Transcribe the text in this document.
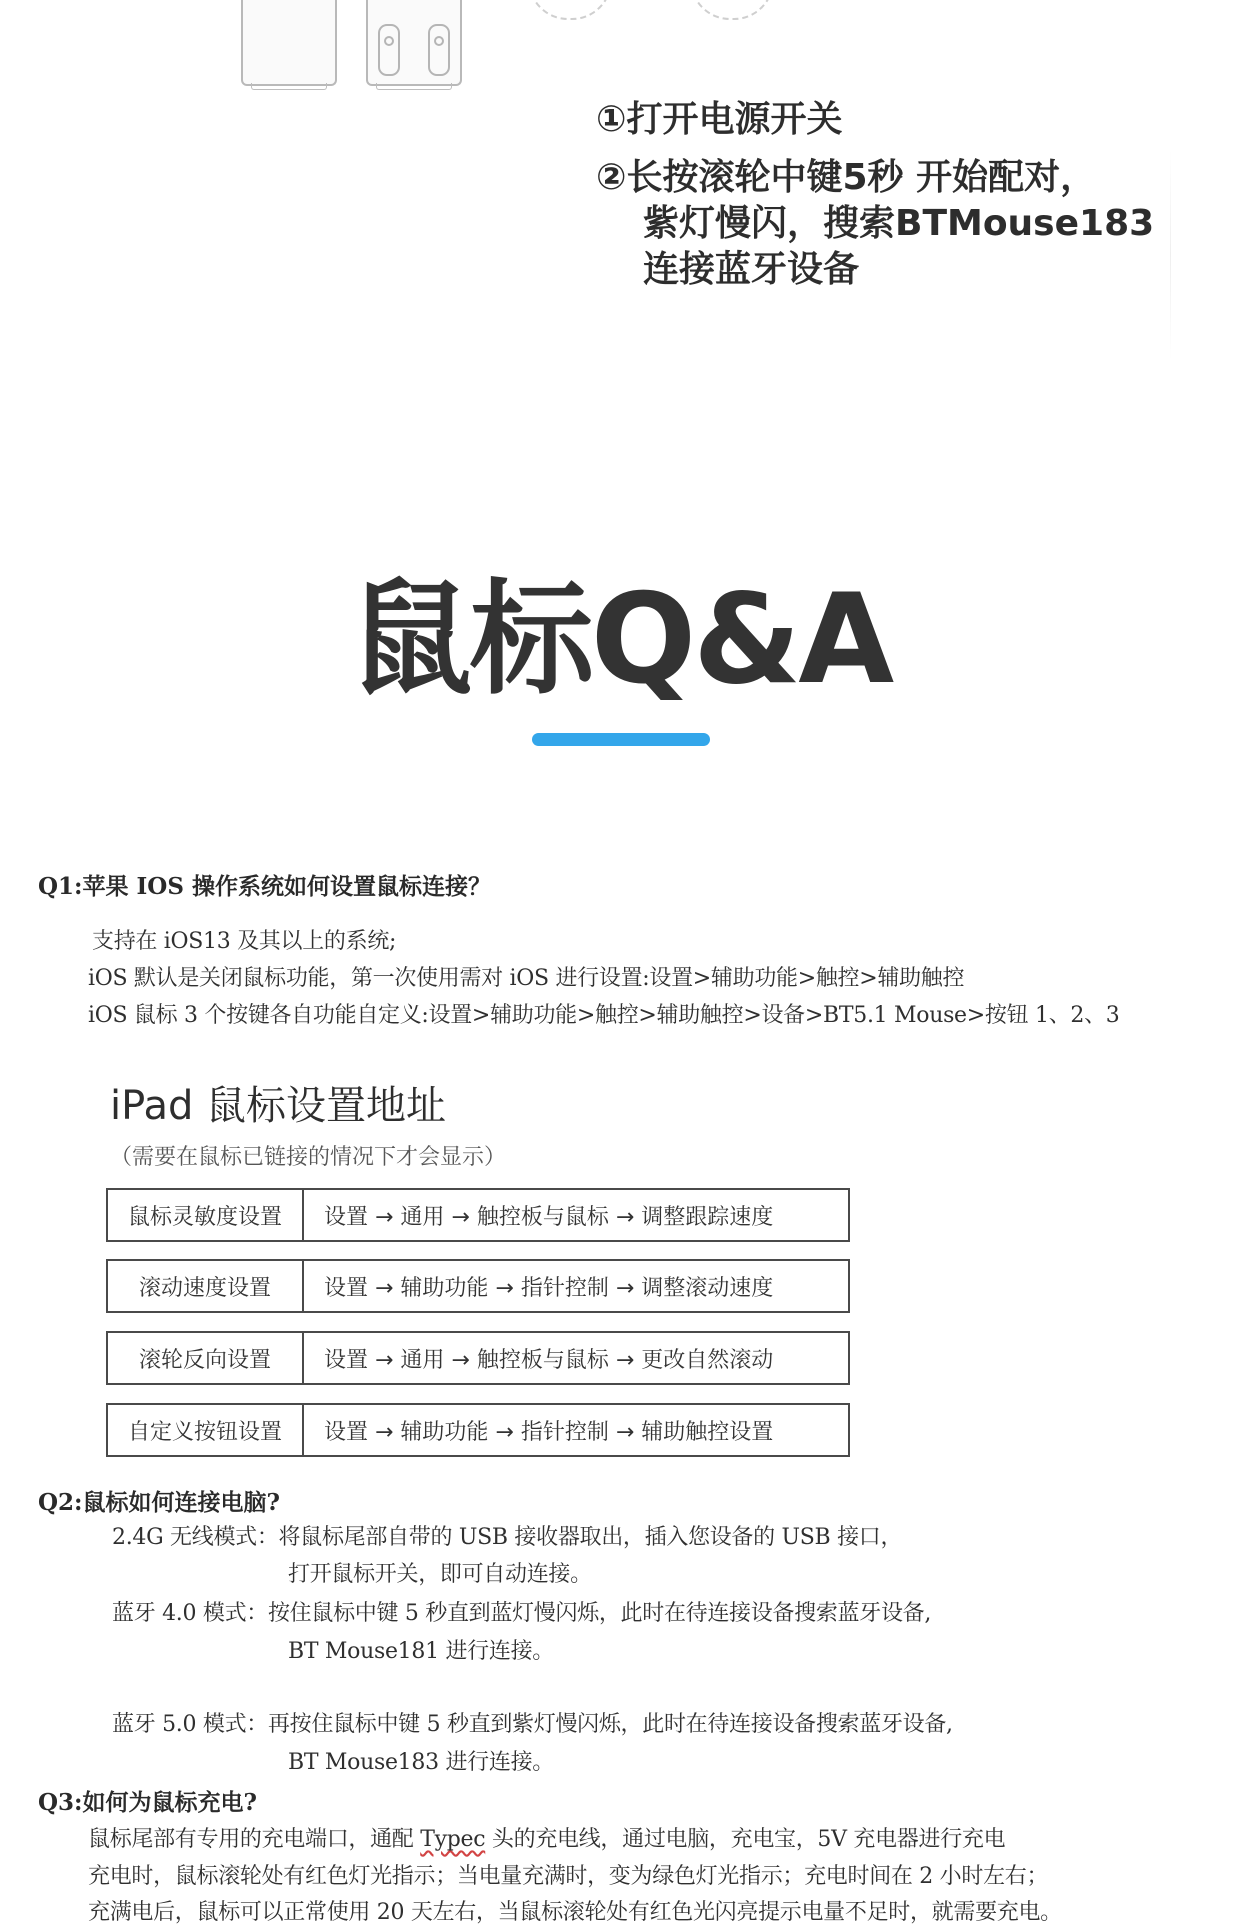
①打开电源开关
②长按滚轮中键5秒 开始配对，
紫灯慢闪，搜索BTMouse183
连接蓝牙设备
鼠标Q&A
Q1:苹果 IOS 操作系统如何设置鼠标连接？
支持在 iOS13 及其以上的系统;
iOS 默认是关闭鼠标功能，第一次使用需对 iOS 进行设置:设置>辅助功能>触控>辅助触控
iOS 鼠标 3 个按键各自功能自定义:设置>辅助功能>触控>辅助触控>设备>BT5.1 Mouse>按钮 1、2、3
iPad 鼠标设置地址
（需要在鼠标已链接的情况下才会显示）
鼠标灵敏度设置	设置 → 通用 → 触控板与鼠标 → 调整跟踪速度
滚动速度设置	设置 → 辅助功能 → 指针控制 → 调整滚动速度
滚轮反向设置	设置 → 通用 → 触控板与鼠标 → 更改自然滚动
自定义按钮设置	设置 → 辅助功能 → 指针控制 → 辅助触控设置
Q2:鼠标如何连接电脑?
2.4G 无线模式：将鼠标尾部自带的 USB 接收器取出，插入您设备的 USB 接口，
打开鼠标开关，即可自动连接。
蓝牙 4.0 模式：按住鼠标中键 5 秒直到蓝灯慢闪烁，此时在待连接设备搜索蓝牙设备,
BT Mouse181 进行连接。
蓝牙 5.0 模式：再按住鼠标中键 5 秒直到紫灯慢闪烁，此时在待连接设备搜索蓝牙设备,
BT Mouse183 进行连接。
Q3:如何为鼠标充电?
鼠标尾部有专用的充电端口，通配 Typec 头的充电线，通过电脑，充电宝，5V 充电器进行充电
充电时，鼠标滚轮处有红色灯光指示；当电量充满时，变为绿色灯光指示；充电时间在 2 小时左右；
充满电后，鼠标可以正常使用 20 天左右，当鼠标滚轮处有红色光闪亮提示电量不足时，就需要充电。
